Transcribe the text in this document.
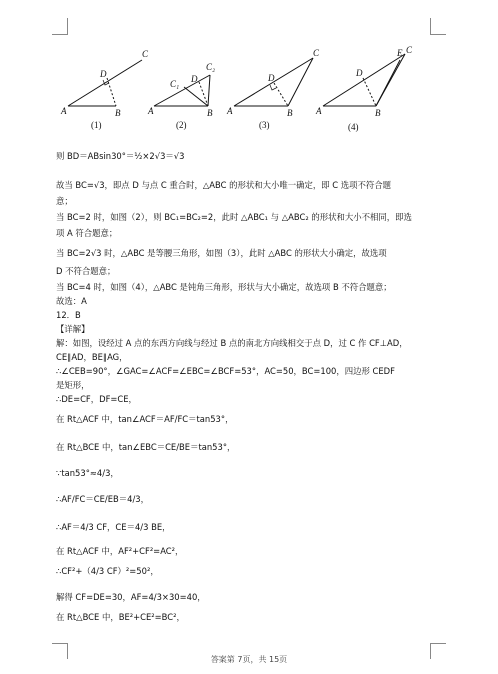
C
D
A	B
(1)
C₁
C₂
D
A	B
(2)
C
D
A	B
(3)
E C
D
A	B
(4)
则 BD＝ABsin30°＝½×2√3＝√3
故当 BC=√3，即点 D 与点 C 重合时，△ABC 的形状和大小唯一确定，即 C 选项不符合题
意；
当 BC=2 时，如图（2），则 BC₁=BC₂=2，此时 △ABC₁ 与 △ABC₂ 的形状和大小不相同，即选
项 A 符合题意；
当 BC=2√3 时，△ABC 是等腰三角形，如图（3），此时 △ABC 的形状大小确定，故选项
D 不符合题意；
当 BC=4 时，如图（4），△ABC 是钝角三角形，形状与大小确定，故选项 B 不符合题意；
故选：A
12．B
【详解】
解：如图，设经过 A 点的东西方向线与经过 B 点的南北方向线相交于点 D，过 C 作 CF⊥AD，
CE∥AD，BE∥AG，
∴∠CEB=90°，∠GAC=∠ACF=∠EBC=∠BCF=53°，AC=50，BC=100，四边形 CEDF
是矩形，
∴DE=CF，DF=CE，
在 Rt△ACF 中，tan∠ACF＝AF/FC＝tan53°，
在 Rt△BCE 中，tan∠EBC＝CE/BE＝tan53°，
∵tan53°≈4/3，
∴AF/FC＝CE/EB＝4/3，
∴AF＝4/3 CF，CE＝4/3 BE，
在 Rt△ACF 中，AF²+CF²=AC²，
∴CF²+（4/3 CF）²=50²，
解得 CF=DE=30，AF=4/3×30=40，
在 Rt△BCE 中，BE²+CE²=BC²，
答案第 7页，共 15页
